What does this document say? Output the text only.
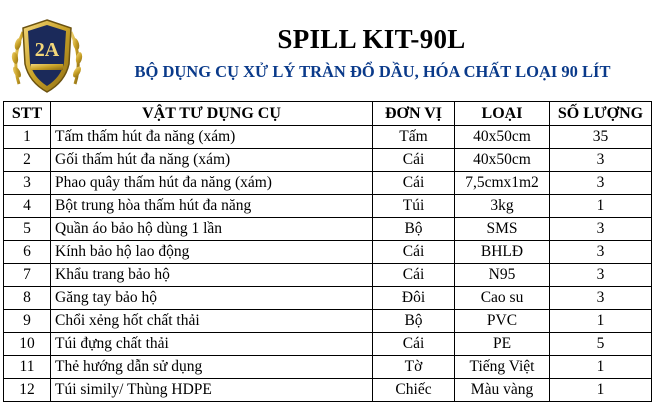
2A	SPILL KIT-90L
BỘ DỤNG CỤ XỬ LÝ TRÀN ĐỔ DẦU, HÓA CHẤT LOẠI 90 LÍT
STT	VẬT TƯ DỤNG CỤ	ĐƠN VỊ	LOẠI	SỐ LƯỢNG
1	Tấm thấm hút đa năng (xám)	Tấm	40x50cm	35
2	Gối thấm hút đa năng (xám)	Cái	40x50cm	3
3	Phao quây thấm hút đa năng (xám)	Cái	7,5cmx1m2	3
4	Bột trung hòa thấm hút đa năng	Túi	3kg	1
5	Quần áo bảo hộ dùng 1 lần	Bộ	SMS	3
6	Kính bảo hộ lao động	Cái	BHLĐ	3
7	Khẩu trang bảo hộ	Cái	N95	3
8	Găng tay bảo hộ	Đôi	Cao su	3
9	Chổi xẻng hốt chất thải	Bộ	PVC	1
10	Túi đựng chất thải	Cái	PE	5
11	Thẻ hướng dẫn sử dụng	Tờ	Tiếng Việt	1
12	Túi simily/ Thùng HDPE	Chiếc	Màu vàng	1
